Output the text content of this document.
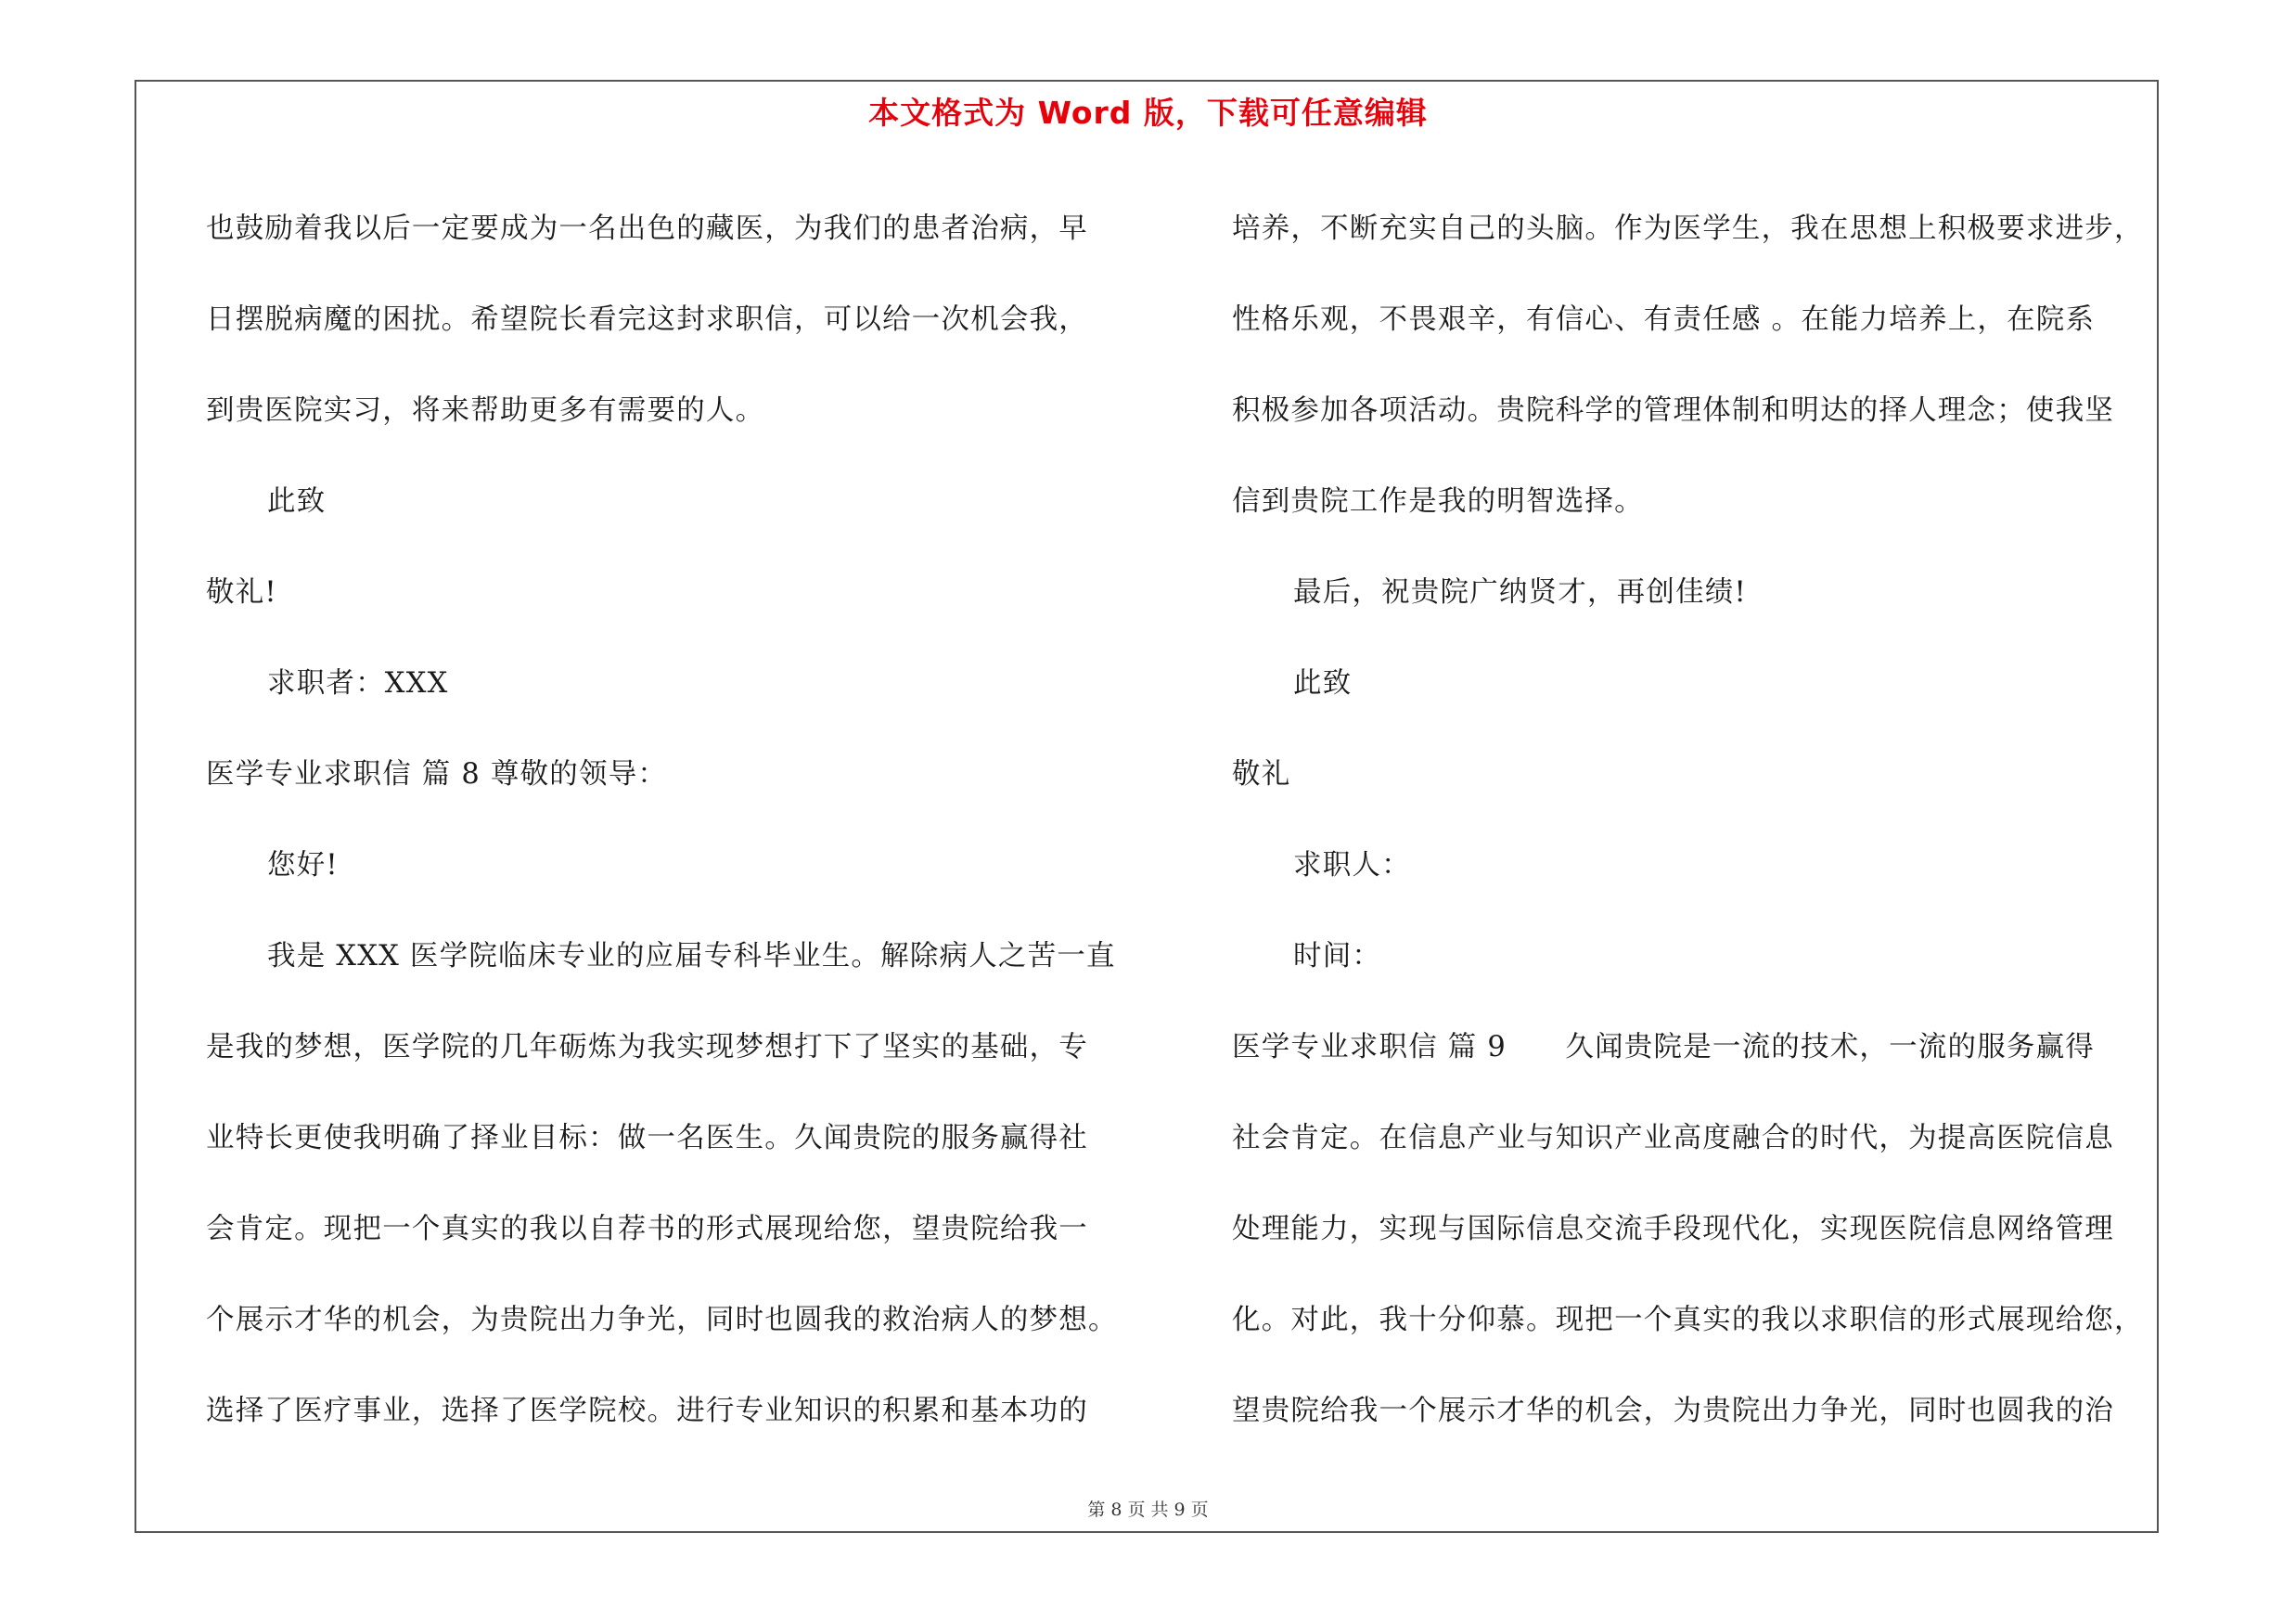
本文格式为 Word 版，下载可任意编辑

也鼓励着我以后一定要成为一名出色的藏医，为我们的患者治病，早

日摆脱病魔的困扰。希望院长看完这封求职信，可以给一次机会我，

到贵医院实习，将来帮助更多有需要的人。

此致

敬礼!

求职者：XXX

医学专业求职信 篇 8 尊敬的领导：

您好!

我是 XXX 医学院临床专业的应届专科毕业生。解除病人之苦一直

是我的梦想，医学院的几年砺炼为我实现梦想打下了坚实的基础，专

业特长更使我明确了择业目标：做一名医生。久闻贵院的服务赢得社

会肯定。现把一个真实的我以自荐书的形式展现给您，望贵院给我一

个展示才华的机会，为贵院出力争光，同时也圆我的救治病人的梦想。

选择了医疗事业，选择了医学院校。进行专业知识的积累和基本功的

培养，不断充实自己的头脑。作为医学生，我在思想上积极要求进步，

性格乐观，不畏艰辛，有信心、有责任感 。在能力培养上，在院系

积极参加各项活动。贵院科学的管理体制和明达的择人理念；使我坚

信到贵院工作是我的明智选择。

最后，祝贵院广纳贤才，再创佳绩!

此致

敬礼

求职人：

时间：

医学专业求职信 篇 9　　久闻贵院是一流的技术，一流的服务赢得

社会肯定。在信息产业与知识产业高度融合的时代，为提高医院信息

处理能力，实现与国际信息交流手段现代化，实现医院信息网络管理

化。对此，我十分仰慕。现把一个真实的我以求职信的形式展现给您，

望贵院给我一个展示才华的机会，为贵院出力争光，同时也圆我的治

第 8 页 共 9 页
